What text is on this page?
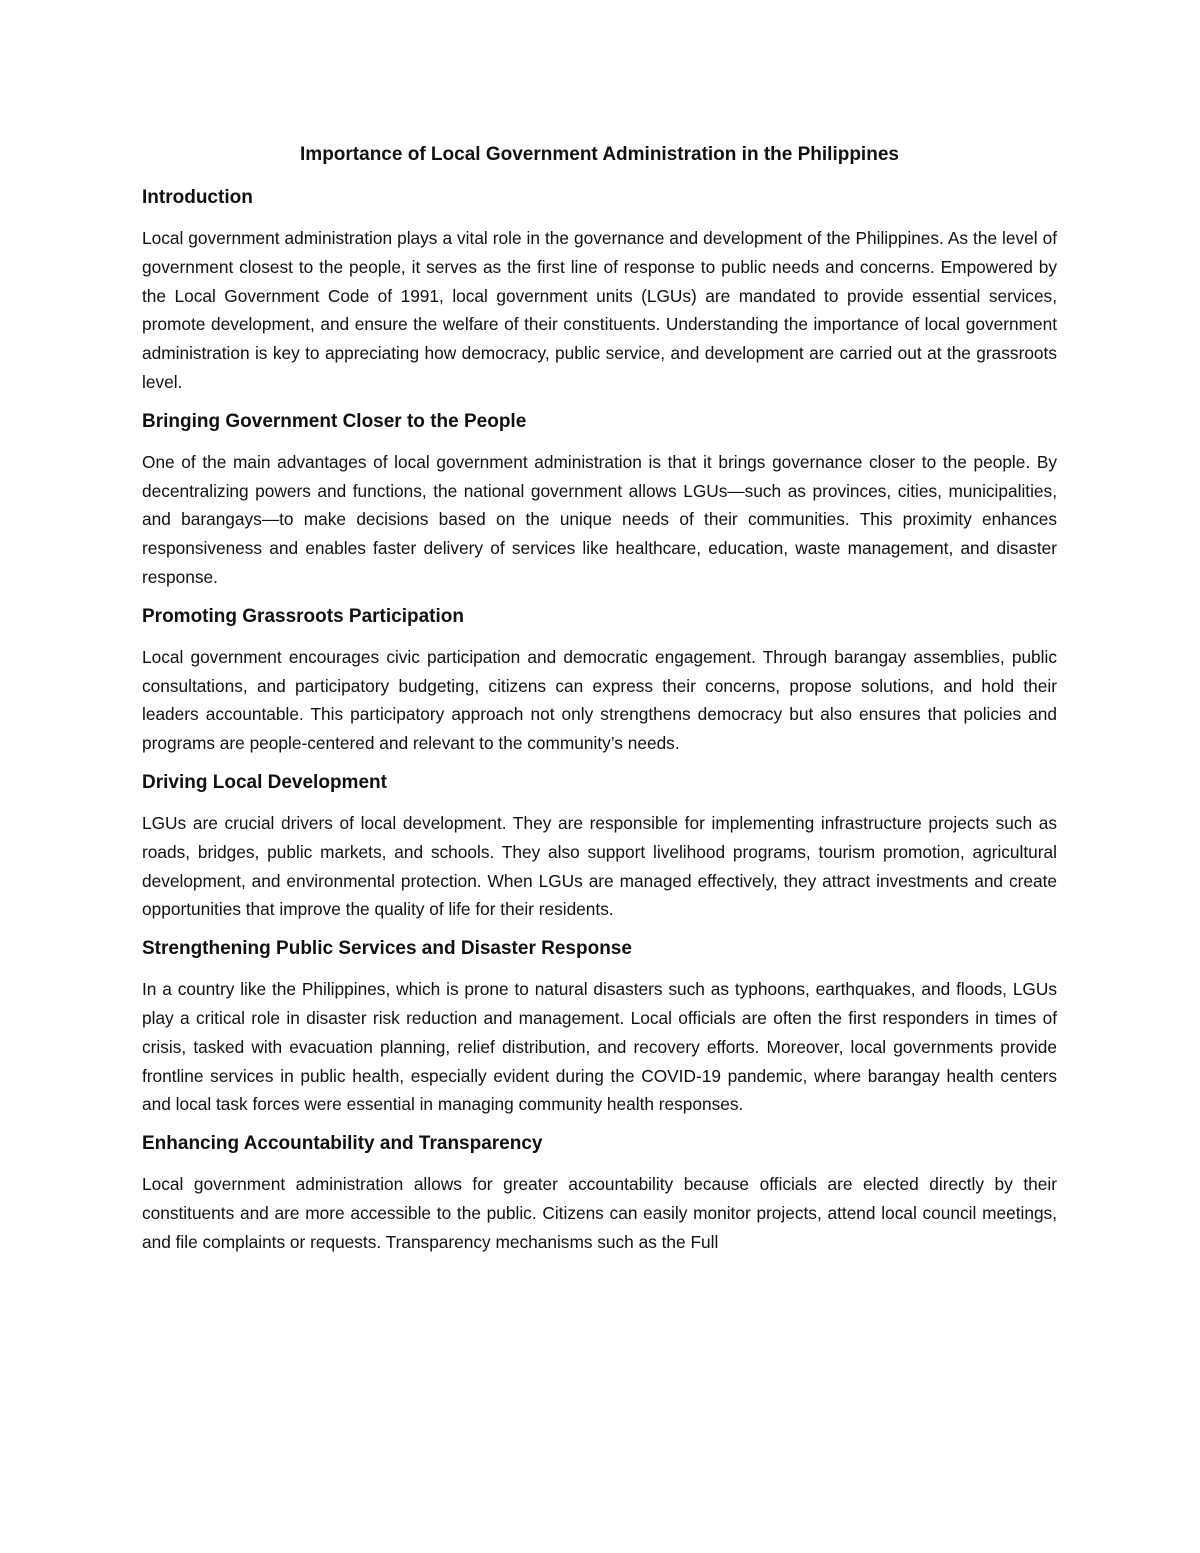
Importance of Local Government Administration in the Philippines
Introduction

Local government administration plays a vital role in the governance and development of the Philippines. As the level of government closest to the people, it serves as the first line of response to public needs and concerns. Empowered by the Local Government Code of 1991, local government units (LGUs) are mandated to provide essential services, promote development, and ensure the welfare of their constituents. Understanding the importance of local government administration is key to appreciating how democracy, public service, and development are carried out at the grassroots level.

Bringing Government Closer to the People

One of the main advantages of local government administration is that it brings governance closer to the people. By decentralizing powers and functions, the national government allows LGUs—such as provinces, cities, municipalities, and barangays—to make decisions based on the unique needs of their communities. This proximity enhances responsiveness and enables faster delivery of services like healthcare, education, waste management, and disaster response.

Promoting Grassroots Participation

Local government encourages civic participation and democratic engagement. Through barangay assemblies, public consultations, and participatory budgeting, citizens can express their concerns, propose solutions, and hold their leaders accountable. This participatory approach not only strengthens democracy but also ensures that policies and programs are people-centered and relevant to the community’s needs.

Driving Local Development

LGUs are crucial drivers of local development. They are responsible for implementing infrastructure projects such as roads, bridges, public markets, and schools. They also support livelihood programs, tourism promotion, agricultural development, and environmental protection. When LGUs are managed effectively, they attract investments and create opportunities that improve the quality of life for their residents.

Strengthening Public Services and Disaster Response

In a country like the Philippines, which is prone to natural disasters such as typhoons, earthquakes, and floods, LGUs play a critical role in disaster risk reduction and management. Local officials are often the first responders in times of crisis, tasked with evacuation planning, relief distribution, and recovery efforts. Moreover, local governments provide frontline services in public health, especially evident during the COVID-19 pandemic, where barangay health centers and local task forces were essential in managing community health responses.

Enhancing Accountability and Transparency

Local government administration allows for greater accountability because officials are elected directly by their constituents and are more accessible to the public. Citizens can easily monitor projects, attend local council meetings, and file complaints or requests. Transparency mechanisms such as the Full
